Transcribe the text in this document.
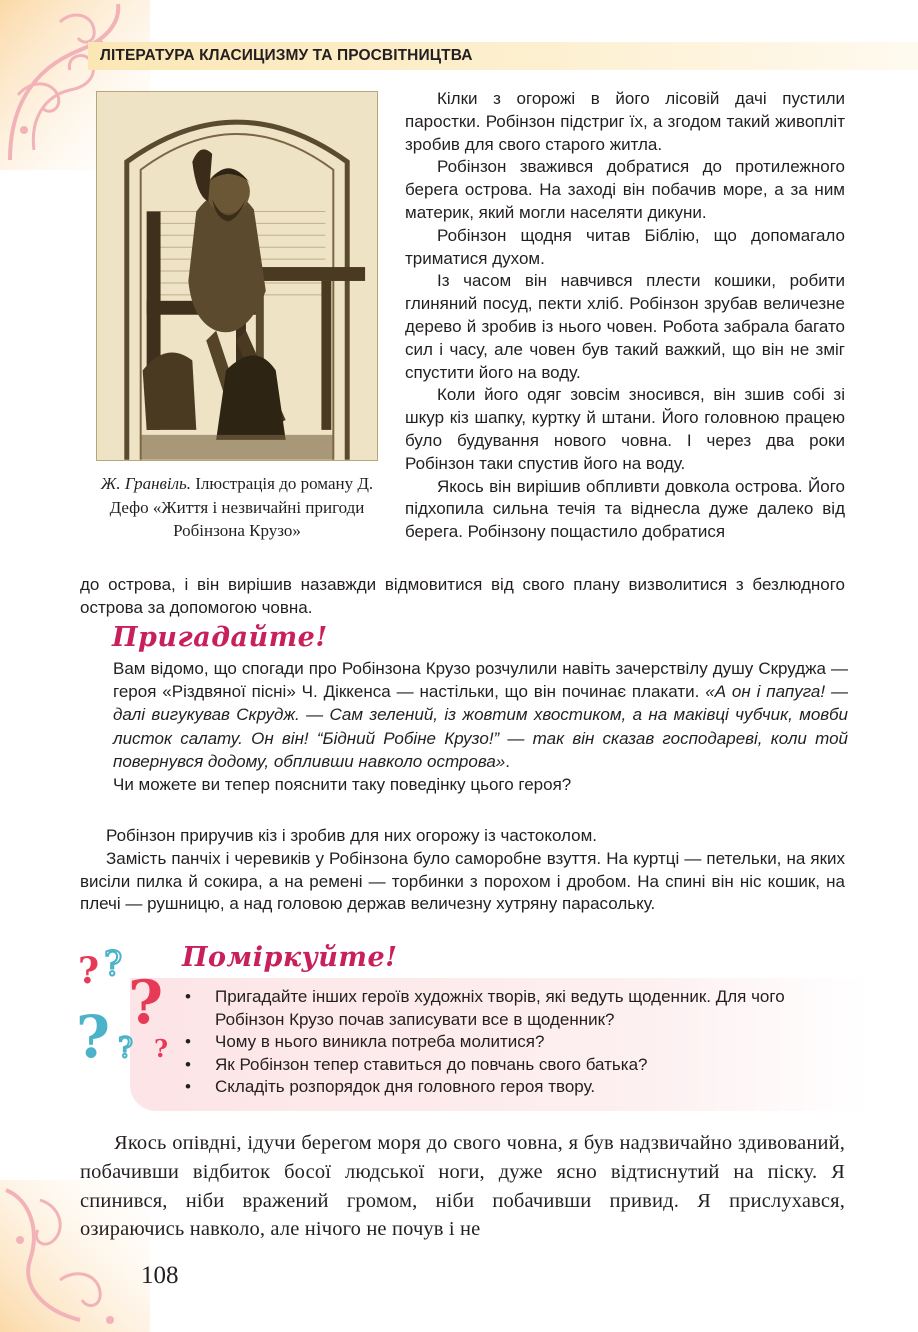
ЛІТЕРАТУРА КЛАСИЦИЗМУ ТА ПРОСВІТНИЦТВА
Ж. Гранвіль. Ілюстрація до роману Д. Дефо «Життя і незвичайні пригоди Робінзона Крузо»

Кілки з огорожі в його лісовій дачі пустили паростки. Робінзон підстриг їх, а згодом такий живопліт зробив для свого старого житла.

Робінзон зважився добратися до протилежного берега острова. На заході він побачив море, а за ним материк, який могли населяти дикуни.

Робінзон щодня читав Біблію, що допомагало триматися духом.

Із часом він навчився плести кошики, робити глиняний посуд, пекти хліб. Робінзон зрубав величезне дерево й зробив із нього човен. Робота забрала багато сил і часу, але човен був такий важкий, що він не зміг спустити його на воду.

Коли його одяг зовсім зносився, він зшив собі зі шкур кіз шапку, куртку й штани. Його головною працею було будування нового човна. І через два роки Робінзон таки спустив його на воду.

Якось він вирішив обпливти довкола острова. Його підхопила сильна течія та віднесла дуже далеко від берега. Робінзону пощастило добратися

до острова, і він вирішив назавжди відмовитися від свого плану визволитися з безлюдного острова за допомогою човна.
Пригадайте!
Вам відомо, що спогади про Робінзона Крузо розчулили навіть зачерствілу душу Скруджа — героя «Різдвяної пісні» Ч. Діккенса — настільки, що він починає плакати. «А он і папуга! — далі вигукував Скрудж. — Сам зелений, із жовтим хвостиком, а на маківці чубчик, мовби листок салату. Он він! “Бідний Робіне Крузо!” — так він сказав господареві, коли той повернувся додому, обпливши навколо острова».
Чи можете ви тепер пояснити таку поведінку цього героя?

Робінзон приручив кіз і зробив для них огорожу із частоколом.

Замість панчіх і черевиків у Робінзона було саморобне взуття. На куртці — петельки, на яких висіли пилка й сокира, а на ремені — торбинки з порохом і дробом. На спині він ніс кошик, на плечі — рушницю, а над головою держав величезну хутряну парасольку.

? ?
?
? ? ?
Поміркуйте!
• Пригадайте інших героїв художніх творів, які ведуть щоденник. Для чого Робінзон Крузо почав записувати все в щоденник?
• Чому в нього виникла потреба молитися?
• Як Робінзон тепер ставиться до повчань свого батька?
• Складіть розпорядок дня головного героя твору.

Якось опівдні, ідучи берегом моря до свого човна, я був надзвичайно здивований, побачивши відбиток босої людської ноги, дуже ясно відтиснутий на піску. Я спинився, ніби вражений громом, ніби побачивши привид. Я прислухався, озираючись навколо, але нічого не почув і не

108
